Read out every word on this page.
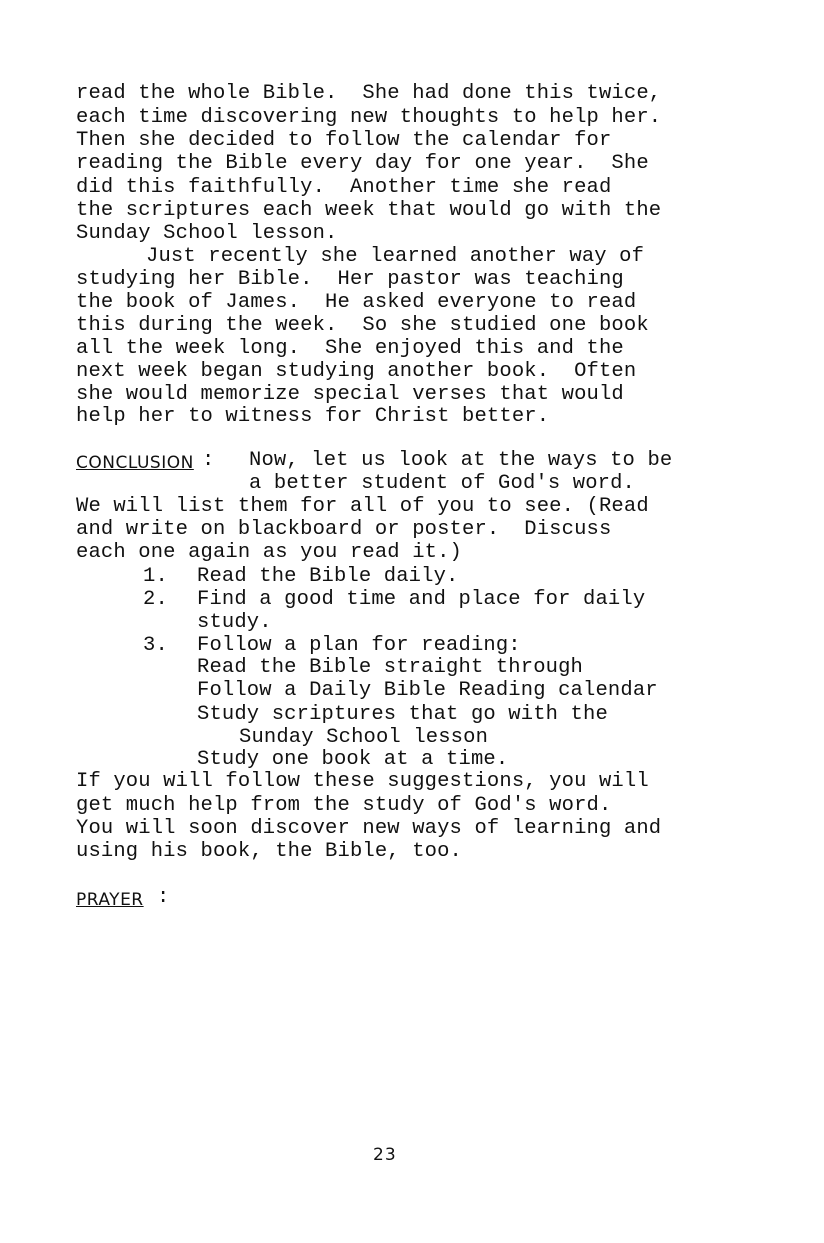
read the whole Bible.  She had done this twice,
each time discovering new thoughts to help her.
Then she decided to follow the calendar for
reading the Bible every day for one year.  She
did this faithfully.  Another time she read
the scriptures each week that would go with the
Sunday School lesson.
Just recently she learned another way of
studying her Bible.  Her pastor was teaching
the book of James.  He asked everyone to read
this during the week.  So she studied one book
all the week long.  She enjoyed this and the
next week began studying another book.  Often
she would memorize special verses that would
help her to witness for Christ better.
CONCLUSION : Now, let us look at the ways to be
a better student of God's word.
We will list them for all of you to see. (Read
and write on blackboard or poster.  Discuss
each one again as you read it.)
1. Read the Bible daily.
2. Find a good time and place for daily
study.
3. Follow a plan for reading:
Read the Bible straight through
Follow a Daily Bible Reading calendar
Study scriptures that go with the
Sunday School lesson
Study one book at a time.
If you will follow these suggestions, you will
get much help from the study of God's word.
You will soon discover new ways of learning and
using his book, the Bible, too.
PRAYER :
23
